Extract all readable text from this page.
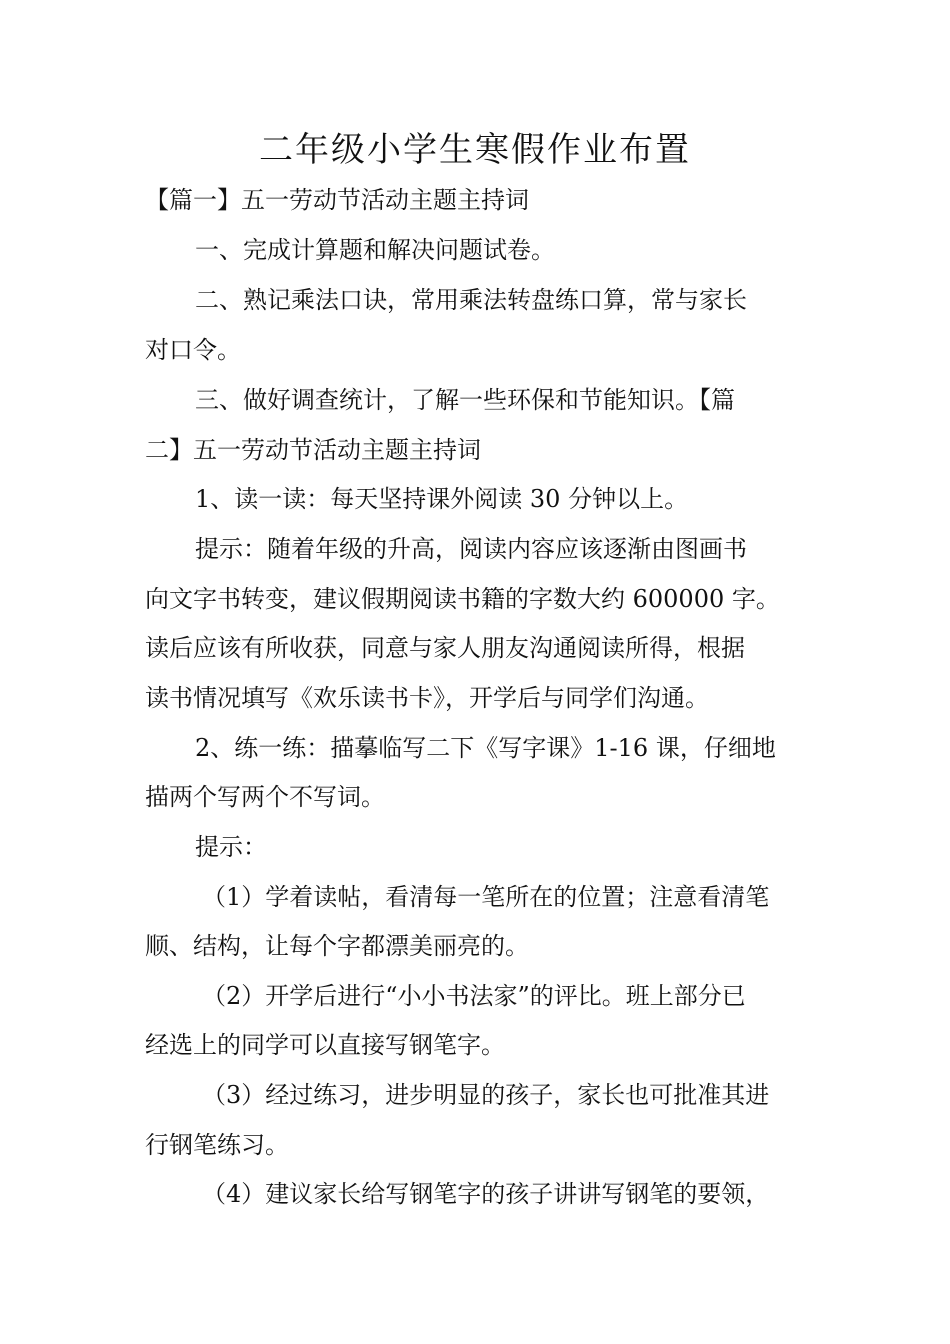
二年级小学生寒假作业布置
【篇一】五一劳动节活动主题主持词
一、完成计算题和解决问题试卷。
二、熟记乘法口诀，常用乘法转盘练口算，常与家长
对口令。
三、做好调查统计，了解一些环保和节能知识。【篇
二】五一劳动节活动主题主持词
1、读一读：每天坚持课外阅读 30 分钟以上。
提示：随着年级的升高，阅读内容应该逐渐由图画书
向文字书转变，建议假期阅读书籍的字数大约 600000 字。
读后应该有所收获，同意与家人朋友沟通阅读所得，根据
读书情况填写《欢乐读书卡》，开学后与同学们沟通。
2、练一练：描摹临写二下《写字课》1-16 课，仔细地
描两个写两个不写词。
提示：
（1）学着读帖，看清每一笔所在的位置；注意看清笔
顺、结构，让每个字都漂美丽亮的。
（2）开学后进行“小小书法家”的评比。班上部分已
经选上的同学可以直接写钢笔字。
（3）经过练习，进步明显的孩子，家长也可批准其进
行钢笔练习。
（4）建议家长给写钢笔字的孩子讲讲写钢笔的要领，
